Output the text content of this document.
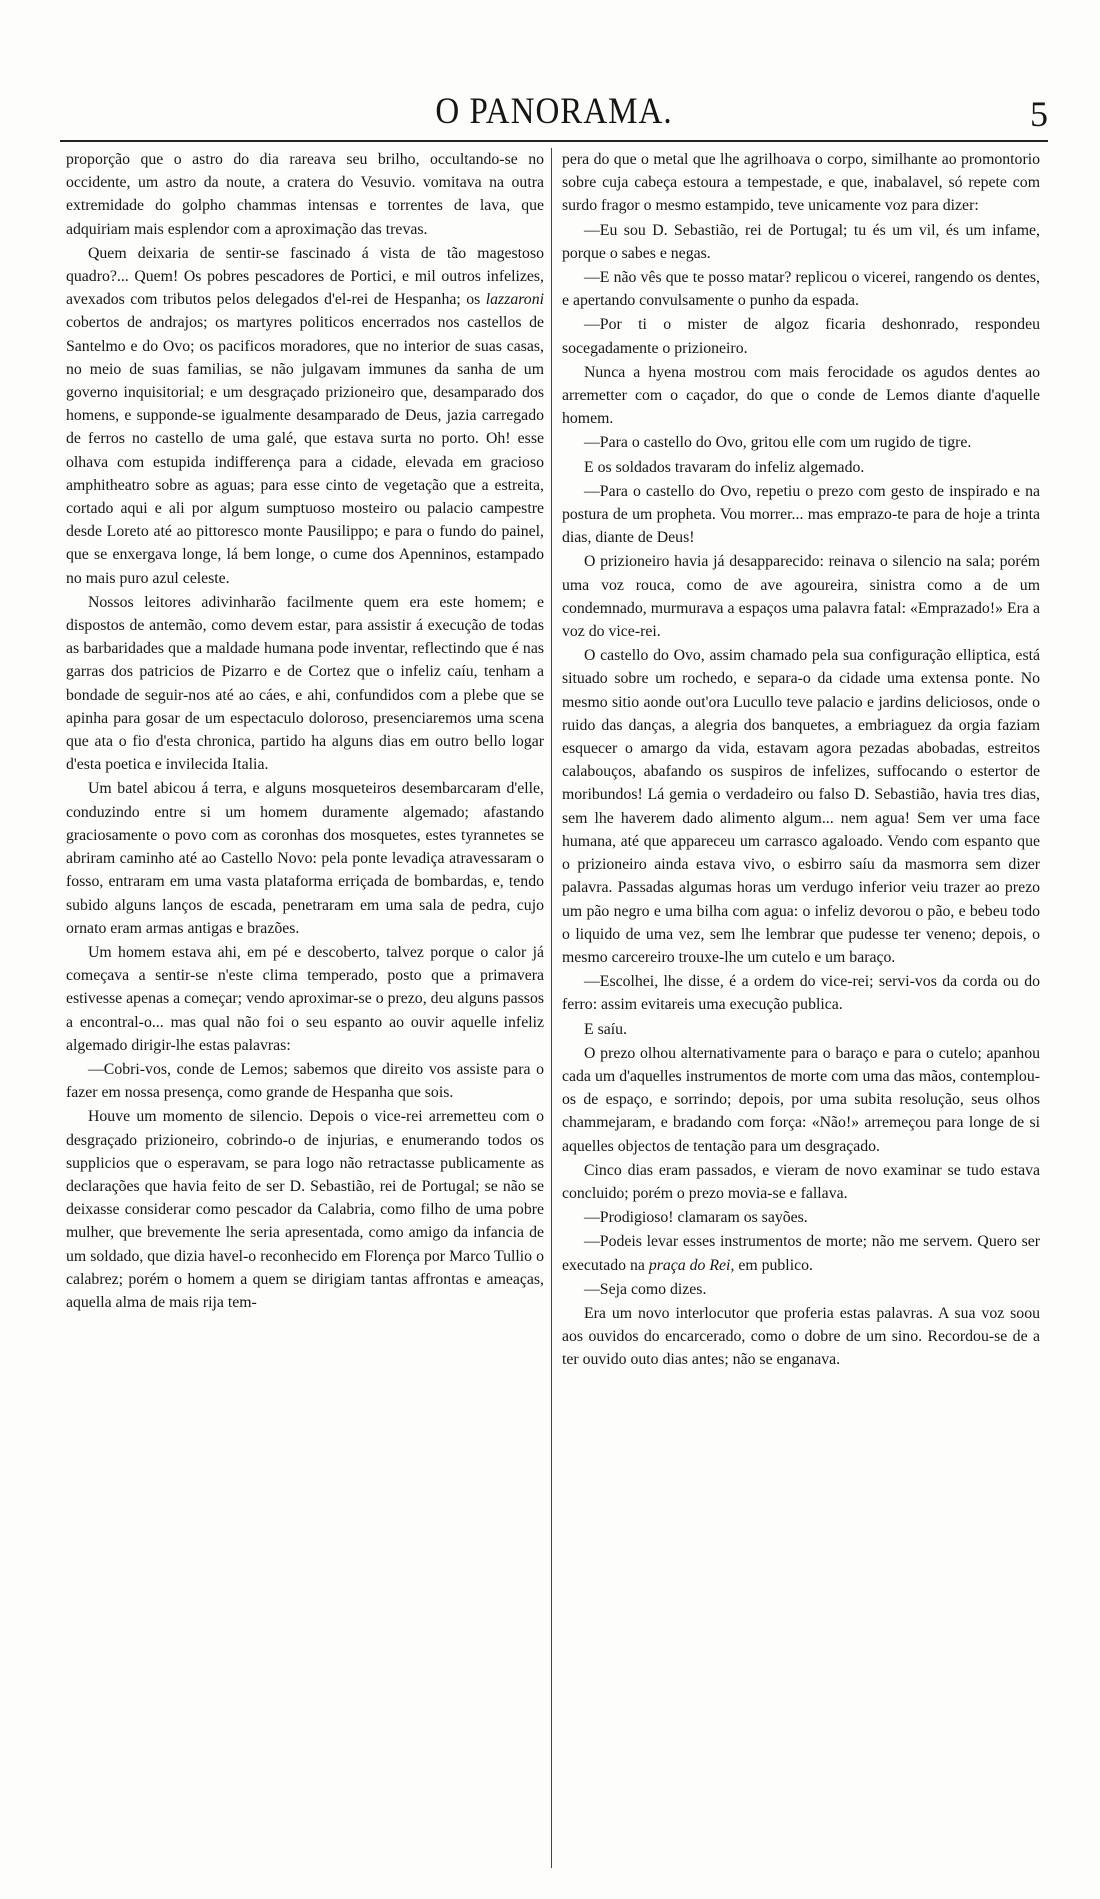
O PANORAMA.	5

proporção que o astro do dia rareava seu brilho, occultando-se no occidente, um astro da noute, a cratera do Vesuvio. vomitava na outra extremidade do golpho chammas intensas e torrentes de lava, que adquiriam mais esplendor com a aproximação das trevas.

Quem deixaria de sentir-se fascinado á vista de tão magestoso quadro?... Quem! Os pobres pescadores de Portici, e mil outros infelizes, avexados com tributos pelos delegados d'el-rei de Hespanha; os lazzaroni cobertos de andrajos; os martyres politicos encerrados nos castellos de Santelmo e do Ovo; os pacificos moradores, que no interior de suas casas, no meio de suas familias, se não julgavam immunes da sanha de um governo inquisitorial; e um desgraçado prizioneiro que, desamparado dos homens, e supponde-se igualmente desamparado de Deus, jazia carregado de ferros no castello de uma galé, que estava surta no porto. Oh! esse olhava com estupida indifferença para a cidade, elevada em gracioso amphitheatro sobre as aguas; para esse cinto de vegetação que a estreita, cortado aqui e ali por algum sumptuoso mosteiro ou palacio campestre desde Loreto até ao pittoresco monte Pausilippo; e para o fundo do painel, que se enxergava longe, lá bem longe, o cume dos Apenninos, estampado no mais puro azul celeste.

Nossos leitores adivinharão facilmente quem era este homem; e dispostos de antemão, como devem estar, para assistir á execução de todas as barbaridades que a maldade humana pode inventar, reflectindo que é nas garras dos patricios de Pizarro e de Cortez que o infeliz caíu, tenham a bondade de seguir-nos até ao cáes, e ahi, confundidos com a plebe que se apinha para gosar de um espectaculo doloroso, presenciaremos uma scena que ata o fio d'esta chronica, partido ha alguns dias em outro bello logar d'esta poetica e invilecida Italia.

Um batel abicou á terra, e alguns mosqueteiros desembarcaram d'elle, conduzindo entre si um homem duramente algemado; afastando graciosamente o povo com as coronhas dos mosquetes, estes tyrannetes se abriram caminho até ao Castello Novo: pela ponte levadiça atravessaram o fosso, entraram em uma vasta plataforma erriçada de bombardas, e, tendo subido alguns lanços de escada, penetraram em uma sala de pedra, cujo ornato eram armas antigas e brazões.

Um homem estava ahi, em pé e descoberto, talvez porque o calor já começava a sentir-se n'este clima temperado, posto que a primavera estivesse apenas a começar; vendo aproximar-se o prezo, deu alguns passos a encontral-o... mas qual não foi o seu espanto ao ouvir aquelle infeliz algemado dirigir-lhe estas palavras:

—Cobri-vos, conde de Lemos; sabemos que direito vos assiste para o fazer em nossa presença, como grande de Hespanha que sois.

Houve um momento de silencio. Depois o vice-rei arremetteu com o desgraçado prizioneiro, cobrindo-o de injurias, e enumerando todos os supplicios que o esperavam, se para logo não retractasse publicamente as declarações que havia feito de ser D. Sebastião, rei de Portugal; se não se deixasse considerar como pescador da Calabria, como filho de uma pobre mulher, que brevemente lhe seria apresentada, como amigo da infancia de um soldado, que dizia havel-o reconhecido em Florença por Marco Tullio o calabrez; porém o homem a quem se dirigiam tantas affrontas e ameaças, aquella alma de mais rija tem-

pera do que o metal que lhe agrilhoava o corpo, similhante ao promontorio sobre cuja cabeça estoura a tempestade, e que, inabalavel, só repete com surdo fragor o mesmo estampido, teve unicamente voz para dizer:

—Eu sou D. Sebastião, rei de Portugal; tu és um vil, és um infame, porque o sabes e negas.

—E não vês que te posso matar? replicou o vicerei, rangendo os dentes, e apertando convulsamente o punho da espada.

—Por ti o mister de algoz ficaria deshonrado, respondeu socegadamente o prizioneiro.

Nunca a hyena mostrou com mais ferocidade os agudos dentes ao arremetter com o caçador, do que o conde de Lemos diante d'aquelle homem.

—Para o castello do Ovo, gritou elle com um rugido de tigre.

E os soldados travaram do infeliz algemado.

—Para o castello do Ovo, repetiu o prezo com gesto de inspirado e na postura de um propheta. Vou morrer... mas emprazo-te para de hoje a trinta dias, diante de Deus!

O prizioneiro havia já desapparecido: reinava o silencio na sala; porém uma voz rouca, como de ave agoureira, sinistra como a de um condemnado, murmurava a espaços uma palavra fatal: «Emprazado!» Era a voz do vice-rei.

O castello do Ovo, assim chamado pela sua configuração elliptica, está situado sobre um rochedo, e separa-o da cidade uma extensa ponte. No mesmo sitio aonde out'ora Lucullo teve palacio e jardins deliciosos, onde o ruido das danças, a alegria dos banquetes, a embriaguez da orgia faziam esquecer o amargo da vida, estavam agora pezadas abobadas, estreitos calabouços, abafando os suspiros de infelizes, suffocando o estertor de moribundos! Lá gemia o verdadeiro ou falso D. Sebastião, havia tres dias, sem lhe haverem dado alimento algum... nem agua! Sem ver uma face humana, até que appareceu um carrasco agaloado. Vendo com espanto que o prizioneiro ainda estava vivo, o esbirro saíu da masmorra sem dizer palavra. Passadas algumas horas um verdugo inferior veiu trazer ao prezo um pão negro e uma bilha com agua: o infeliz devorou o pão, e bebeu todo o liquido de uma vez, sem lhe lembrar que pudesse ter veneno; depois, o mesmo carcereiro trouxe-lhe um cutelo e um baraço.

—Escolhei, lhe disse, é a ordem do vice-rei; servi-vos da corda ou do ferro: assim evitareis uma execução publica.

E saíu.

O prezo olhou alternativamente para o baraço e para o cutelo; apanhou cada um d'aquelles instrumentos de morte com uma das mãos, contemplou-os de espaço, e sorrindo; depois, por uma subita resolução, seus olhos chammejaram, e bradando com força: «Não!» arremeçou para longe de si aquelles objectos de tentação para um desgraçado.

Cinco dias eram passados, e vieram de novo examinar se tudo estava concluido; porém o prezo movia-se e fallava.

—Prodigioso! clamaram os sayões.

—Podeis levar esses instrumentos de morte; não me servem. Quero ser executado na praça do Rei, em publico.

—Seja como dizes.

Era um novo interlocutor que proferia estas palavras. A sua voz soou aos ouvidos do encarcerado, como o dobre de um sino. Recordou-se de a ter ouvido outo dias antes; não se enganava.
